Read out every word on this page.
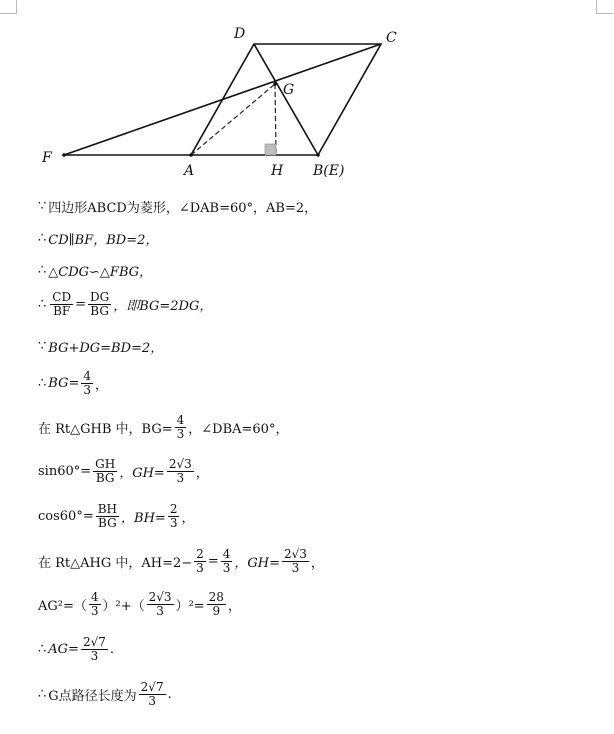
D	C
G
F
A	H B(E)
∵ 四边形ABCD为菱形，∠DAB=60°，AB=2，
∴ CD∥BF，BD=2，
∴ △CDG∽△FBG，
∴ $\frac{CD}{BF} = \frac{DG}{BG}$ ，即BG=2DG，
∵ BG+DG=BD=2，
∴ $BG= \frac{4}{3}$ ，
在 Rt△GHB 中，$BG= \frac{4}{3}$ ，∠DBA=60°，
$\sin 60^\circ= \frac{GH}{BG}$ ，$GH= \frac{2√3}{3}$ ，
$\cos 60^\circ= \frac{BH}{BG}$ ，$BH= \frac{2}{3}$ ，
在 Rt△AHG 中，$AH=2- \frac{2}{3} = \frac{4}{3}$ ，$GH= \frac{2√3}{3}$ ，
$AG^2=( \frac{4}{3} )^2+( \frac{2√3}{3} )^2= \frac{28}{9}$ ，
∴ $AG= \frac{2√7}{3}$ .
∴ G点路径长度为 $\frac{2√7}{3}$ .
